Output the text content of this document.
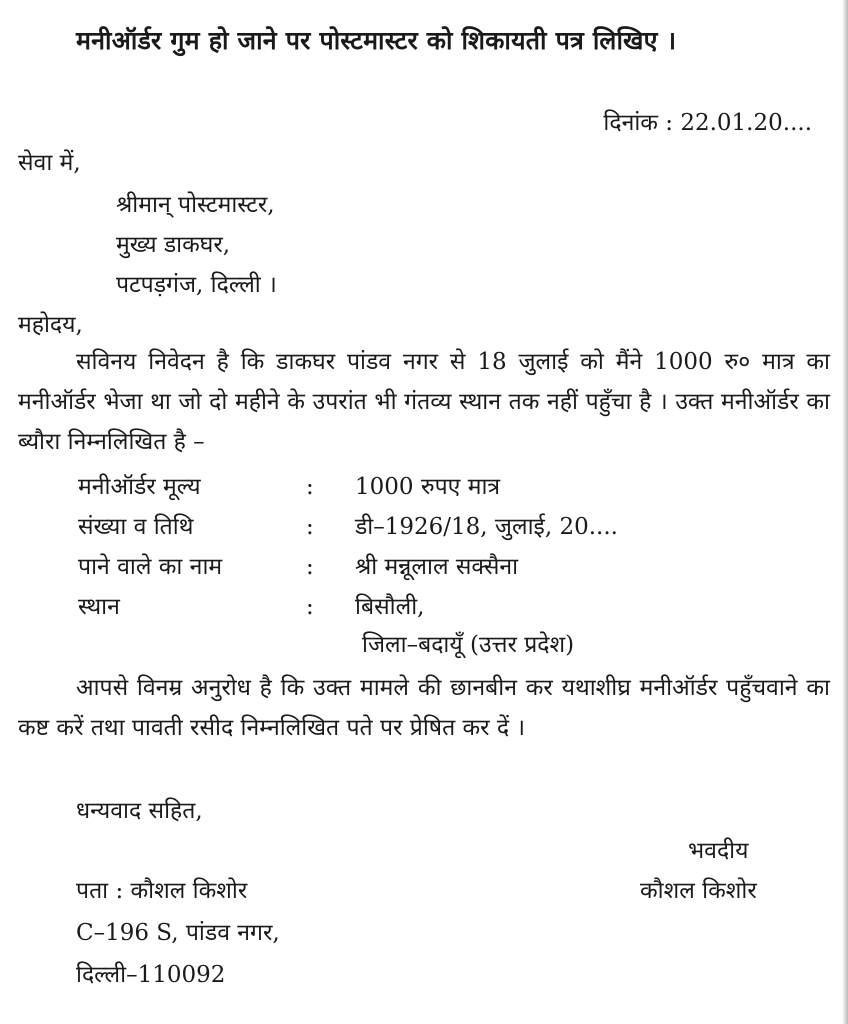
मनीऑर्डर गुम हो जाने पर पोस्टमास्टर को शिकायती पत्र लिखिए ।
दिनांक : 22.01.20....
सेवा में,
श्रीमान् पोस्टमास्टर,
मुख्य डाकघर,
पटपड़गंज, दिल्ली ।
महोदय,
सविनय निवेदन है कि डाकघर पांडव नगर से 18 जुलाई को मैंने 1000 रु० मात्र का मनीऑर्डर भेजा था जो दो महीने के उपरांत भी गंतव्य स्थान तक नहीं पहुँचा है । उक्त मनीऑर्डर का ब्यौरा निम्नलिखित है –
मनीऑर्डर मूल्य	: 1000 रुपए मात्र
संख्या व तिथि	: डी–1926/18, जुलाई, 20....
पाने वाले का नाम	: श्री मन्नूलाल सक्सैना
स्थान	: बिसौली,
जिला–बदायूँ (उत्तर प्रदेश)
आपसे विनम्र अनुरोध है कि उक्त मामले की छानबीन कर यथाशीघ्र मनीऑर्डर पहुँचवाने का कष्ट करें तथा पावती रसीद निम्नलिखित पते पर प्रेषित कर दें ।
धन्यवाद सहित,
भवदीय
पता : कौशल किशोर	कौशल किशोर
C–196 S, पांडव नगर,
दिल्ली–110092
